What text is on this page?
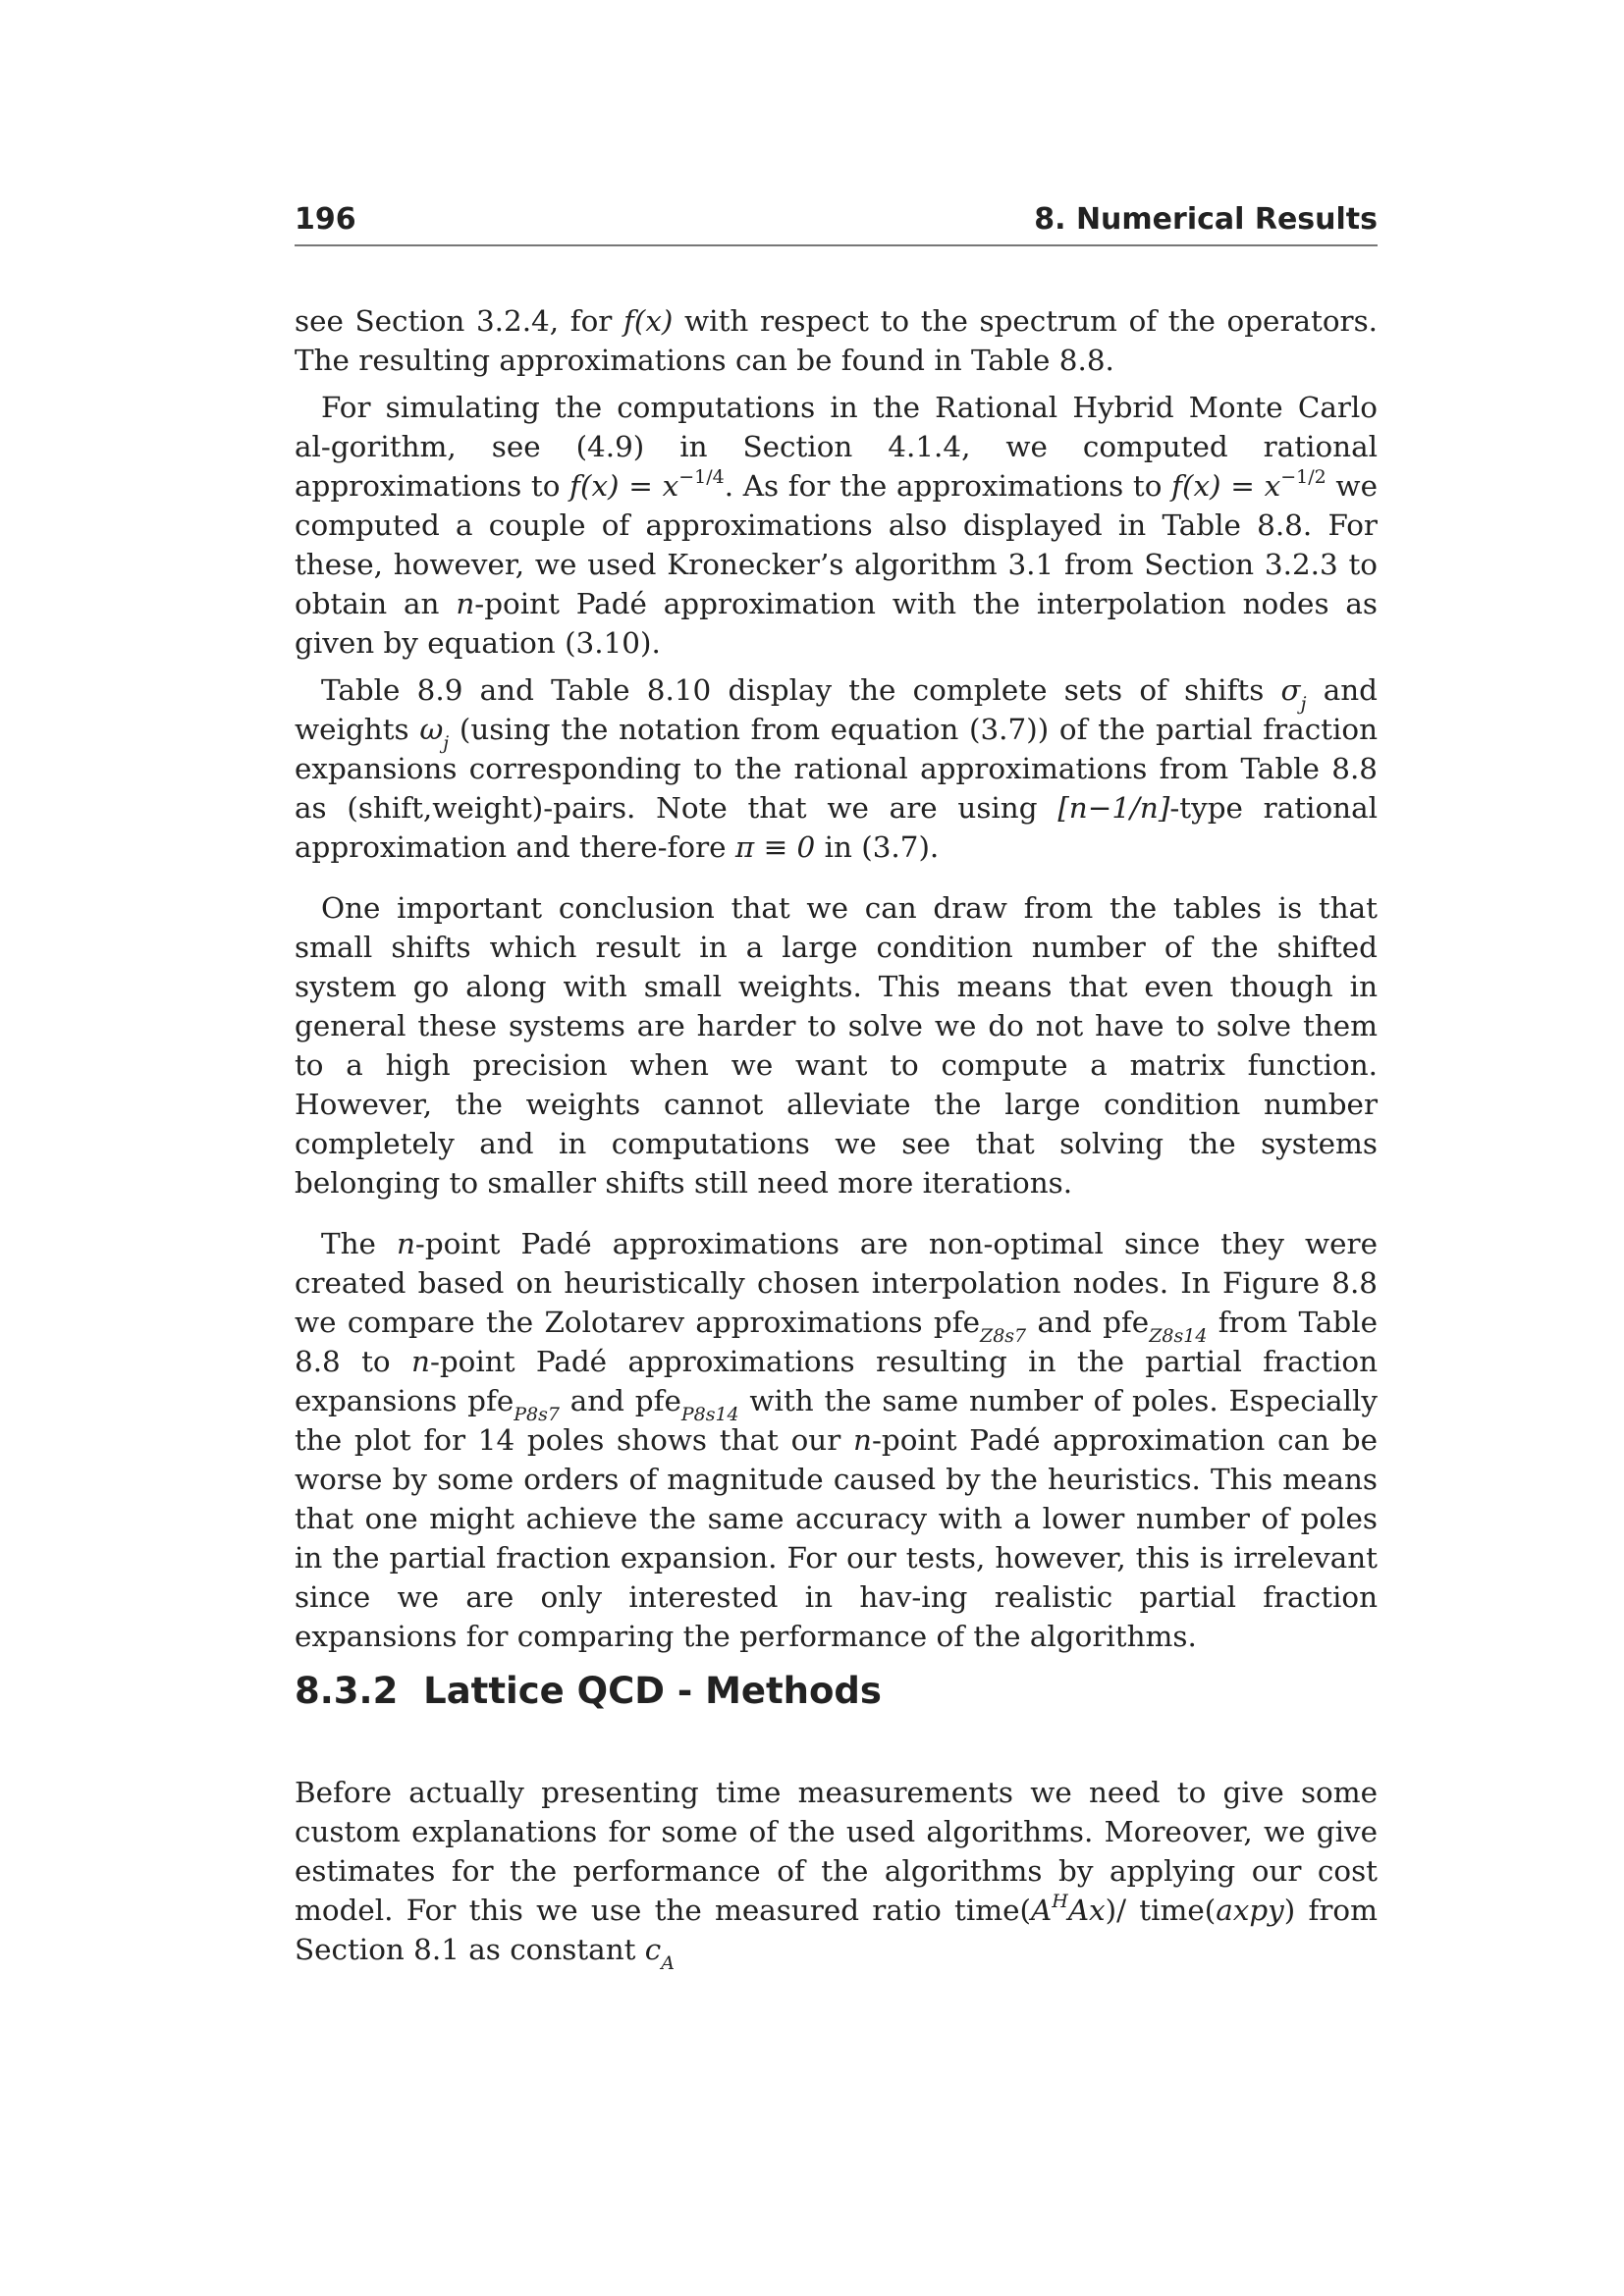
196	8. Numerical Results

see Section 3.2.4, for f(x) with respect to the spectrum of the operators. The resulting approximations can be found in Table 8.8.

For simulating the computations in the Rational Hybrid Monte Carlo al-gorithm, see (4.9) in Section 4.1.4, we computed rational approximations to $f(x) = x^{-1/4}$. As for the approximations to $f(x) = x^{-1/2}$ we computed a couple of approximations also displayed in Table 8.8. For these, however, we used Kronecker’s algorithm 3.1 from Section 3.2.3 to obtain an n-point Padé approximation with the interpolation nodes as given by equation (3.10).

Table 8.9 and Table 8.10 display the complete sets of shifts $\sigma_j$ and weights $\omega_j$ (using the notation from equation (3.7)) of the partial fraction expansions corresponding to the rational approximations from Table 8.8 as (shift,weight)-pairs. Note that we are using [n−1/n]-type rational approximation and there-fore π ≡ 0 in (3.7).

One important conclusion that we can draw from the tables is that small shifts which result in a large condition number of the shifted system go along with small weights. This means that even though in general these systems are harder to solve we do not have to solve them to a high precision when we want to compute a matrix function. However, the weights cannot alleviate the large condition number completely and in computations we see that solving the systems belonging to smaller shifts still need more iterations.

The n-point Padé approximations are non-optimal since they were created based on heuristically chosen interpolation nodes. In Figure 8.8 we compare the Zolotarev approximations pfe$_{Z8s7}$ and pfe$_{Z8s14}$ from Table 8.8 to n-point Padé approximations resulting in the partial fraction expansions pfe$_{P8s7}$ and pfe$_{P8s14}$ with the same number of poles. Especially the plot for 14 poles shows that our n-point Padé approximation can be worse by some orders of magnitude caused by the heuristics. This means that one might achieve the same accuracy with a lower number of poles in the partial fraction expansion. For our tests, however, this is irrelevant since we are only interested in hav-ing realistic partial fraction expansions for comparing the performance of the algorithms.

8.3.2 Lattice QCD - Methods

Before actually presenting time measurements we need to give some custom explanations for some of the used algorithms. Moreover, we give estimates for the performance of the algorithms by applying our cost model. For this we use the measured ratio $time(A^HAx)/$ time(axpy) from Section 8.1 as constant $c_A$
